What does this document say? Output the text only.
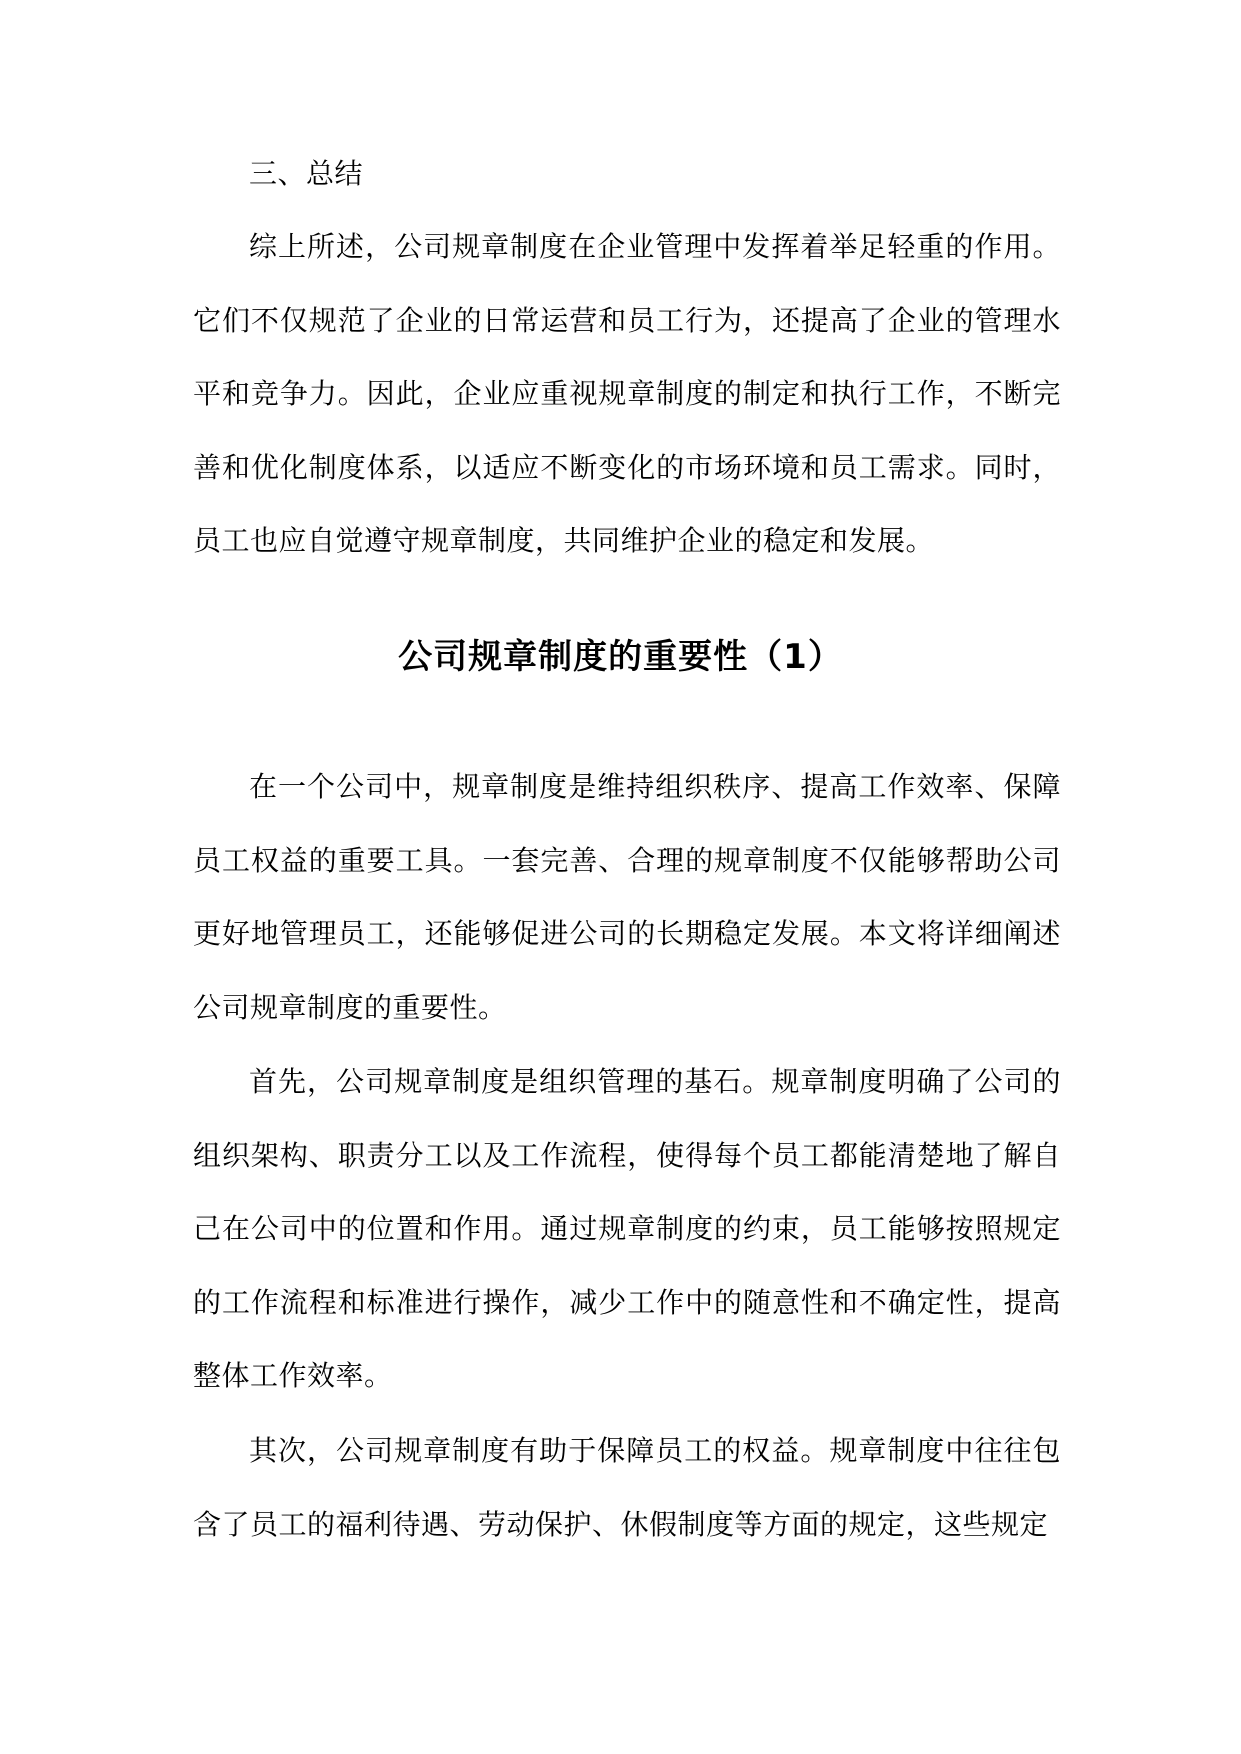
三、总结

综上所述，公司规章制度在企业管理中发挥着举足轻重的作用。它们不仅规范了企业的日常运营和员工行为，还提高了企业的管理水平和竞争力。因此，企业应重视规章制度的制定和执行工作，不断完善和优化制度体系，以适应不断变化的市场环境和员工需求。同时，员工也应自觉遵守规章制度，共同维护企业的稳定和发展。

公司规章制度的重要性（1）

在一个公司中，规章制度是维持组织秩序、提高工作效率、保障员工权益的重要工具。一套完善、合理的规章制度不仅能够帮助公司更好地管理员工，还能够促进公司的长期稳定发展。本文将详细阐述公司规章制度的重要性。

首先，公司规章制度是组织管理的基石。规章制度明确了公司的组织架构、职责分工以及工作流程，使得每个员工都能清楚地了解自己在公司中的位置和作用。通过规章制度的约束，员工能够按照规定的工作流程和标准进行操作，减少工作中的随意性和不确定性，提高整体工作效率。

其次，公司规章制度有助于保障员工的权益。规章制度中往往包含了员工的福利待遇、劳动保护、休假制度等方面的规定，这些规定
